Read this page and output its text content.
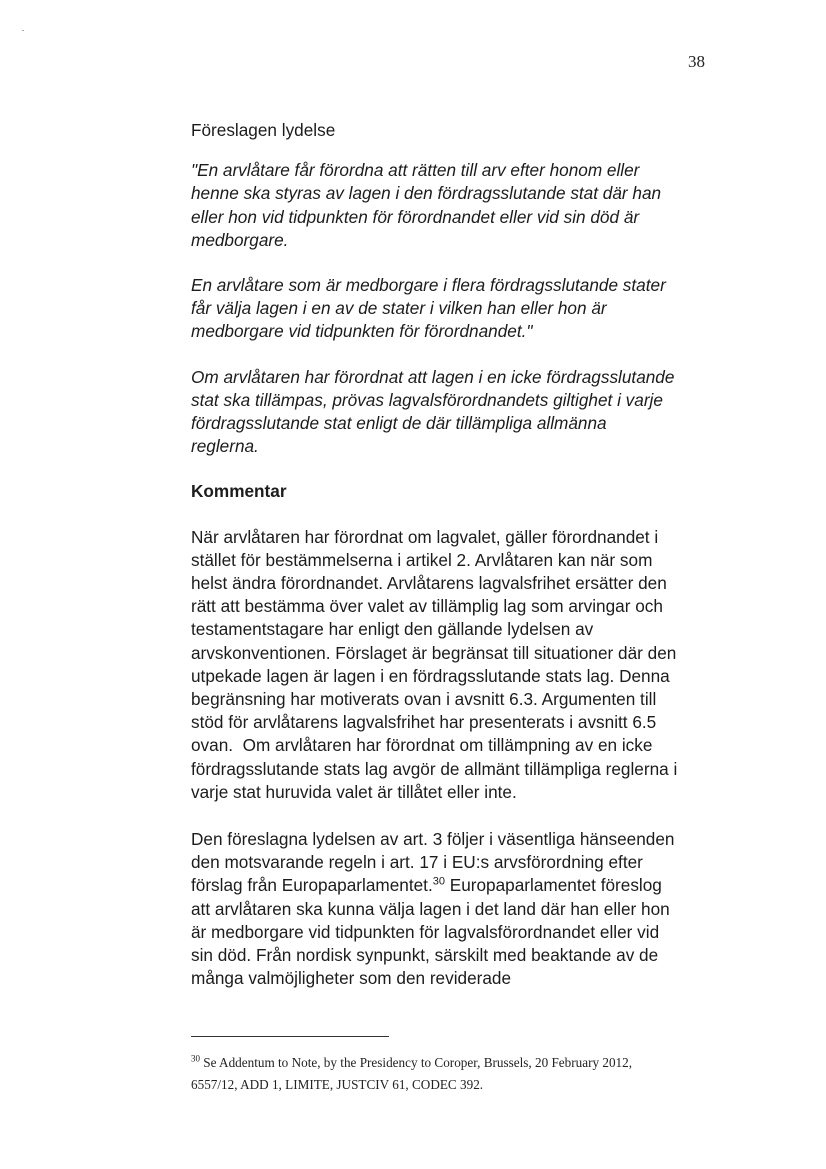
38

Föreslagen lydelse

"En arvlåtare får förordna att rätten till arv efter honom eller

henne ska styras av lagen i den fördragsslutande stat där han

eller hon vid tidpunkten för förordnandet eller vid sin död är

medborgare.

En arvlåtare som är medborgare i flera fördragsslutande stater

får välja lagen i en av de stater i vilken han eller hon är

medborgare vid tidpunkten för förordnandet."

Om arvlåtaren har förordnat att lagen i en icke fördragsslutande

stat ska tillämpas, prövas lagvalsförordnandets giltighet i varje

fördragsslutande stat enligt de där tillämpliga allmänna

reglerna.

Kommentar

När arvlåtaren har förordnat om lagvalet, gäller förordnandet i

stället för bestämmelserna i artikel 2. Arvlåtaren kan när som

helst ändra förordnandet. Arvlåtarens lagvalsfrihet ersätter den

rätt att bestämma över valet av tillämplig lag som arvingar och

testamentstagare har enligt den gällande lydelsen av

arvskonventionen. Förslaget är begränsat till situationer där den

utpekade lagen är lagen i en fördragsslutande stats lag. Denna

begränsning har motiverats ovan i avsnitt 6.3. Argumenten till

stöd för arvlåtarens lagvalsfrihet har presenterats i avsnitt 6.5

ovan.  Om arvlåtaren har förordnat om tillämpning av en icke

fördragsslutande stats lag avgör de allmänt tillämpliga reglerna i

varje stat huruvida valet är tillåtet eller inte.

Den föreslagna lydelsen av art. 3 följer i väsentliga hänseenden

den motsvarande regeln i art. 17 i EU:s arvsförordning efter

förslag från Europaparlamentet.$^{30}$ Europaparlamentet föreslog

att arvlåtaren ska kunna välja lagen i det land där han eller hon

är medborgare vid tidpunkten för lagvalsförordnandet eller vid

sin död. Från nordisk synpunkt, särskilt med beaktande av de

många valmöjligheter som den reviderade

$^{30}$ Se Addentum to Note, by the Presidency to Coroper, Brussels, 20 February 2012,
6557/12, ADD 1, LIMITE, JUSTCIV 61, CODEC 392.
